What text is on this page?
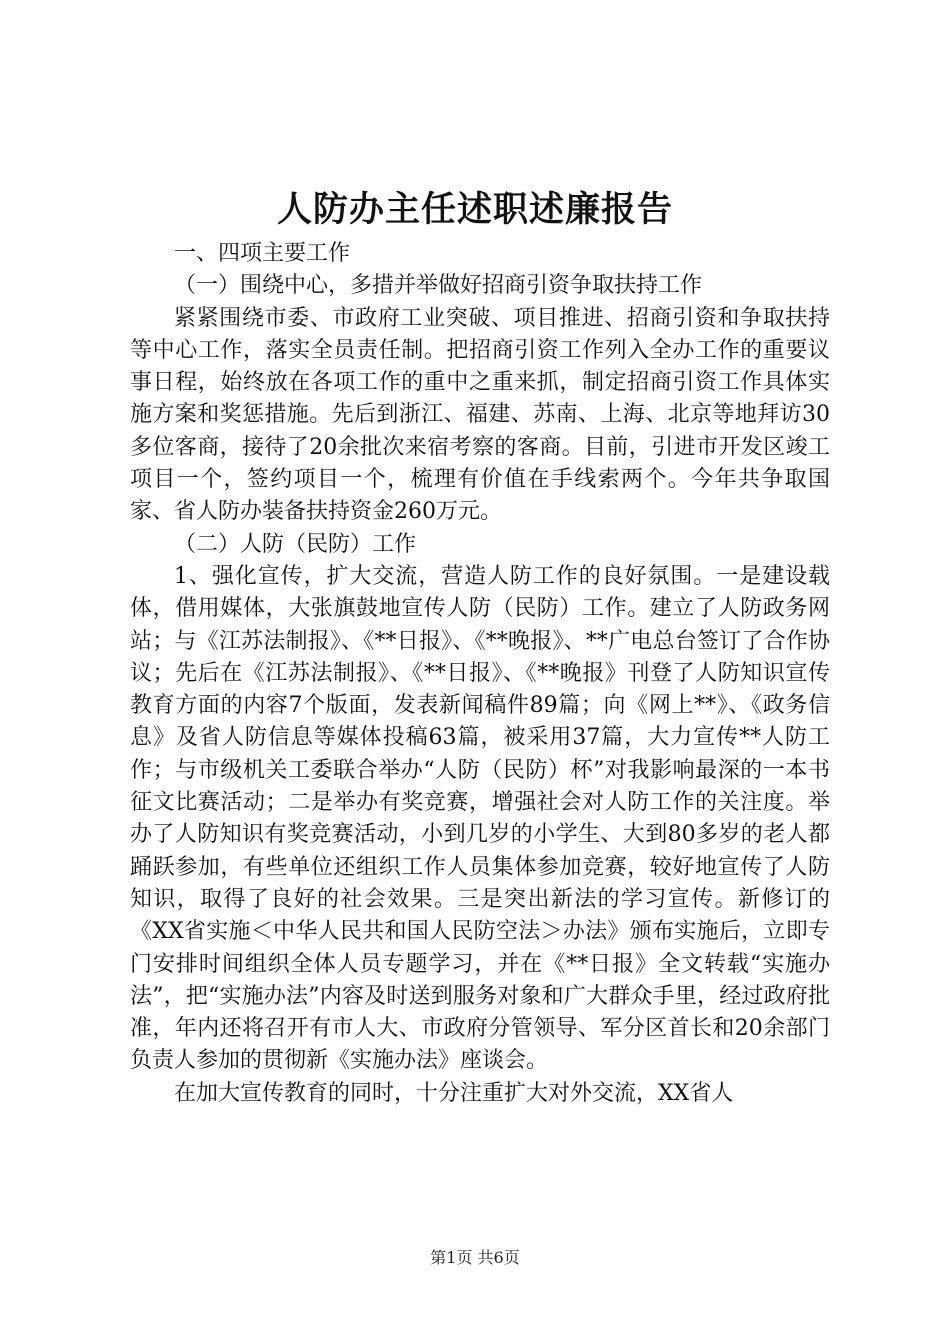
人防办主任述职述廉报告

一、四项主要工作

（一）围绕中心，多措并举做好招商引资争取扶持工作

紧紧围绕市委、市政府工业突破、项目推进、招商引资和争取扶持等中心工作，落实全员责任制。把招商引资工作列入全办工作的重要议事日程，始终放在各项工作的重中之重来抓，制定招商引资工作具体实施方案和奖惩措施。先后到浙江、福建、苏南、上海、北京等地拜访30多位客商，接待了20余批次来宿考察的客商。目前，引进市开发区竣工项目一个，签约项目一个，梳理有价值在手线索两个。今年共争取国家、省人防办装备扶持资金260万元。

（二）人防（民防）工作

1、强化宣传，扩大交流，营造人防工作的良好氛围。一是建设载体，借用媒体，大张旗鼓地宣传人防（民防）工作。建立了人防政务网站；与《江苏法制报》、《**日报》、《**晚报》、**广电总台签订了合作协议；先后在《江苏法制报》、《**日报》、《**晚报》刊登了人防知识宣传教育方面的内容7个版面，发表新闻稿件89篇；向《网上**》、《政务信息》及省人防信息等媒体投稿63篇，被采用37篇，大力宣传**人防工作；与市级机关工委联合举办“人防（民防）杯”对我影响最深的一本书征文比赛活动；二是举办有奖竞赛，增强社会对人防工作的关注度。举办了人防知识有奖竞赛活动，小到几岁的小学生、大到80多岁的老人都踊跃参加，有些单位还组织工作人员集体参加竞赛，较好地宣传了人防知识，取得了良好的社会效果。三是突出新法的学习宣传。新修订的《XX省实施＜中华人民共和国人民防空法＞办法》颁布实施后，立即专门安排时间组织全体人员专题学习，并在《**日报》全文转载“实施办法”，把“实施办法”内容及时送到服务对象和广大群众手里，经过政府批准，年内还将召开有市人大、市政府分管领导、军分区首长和20余部门负责人参加的贯彻新《实施办法》座谈会。

在加大宣传教育的同时，十分注重扩大对外交流，XX省人

第1页 共6页
